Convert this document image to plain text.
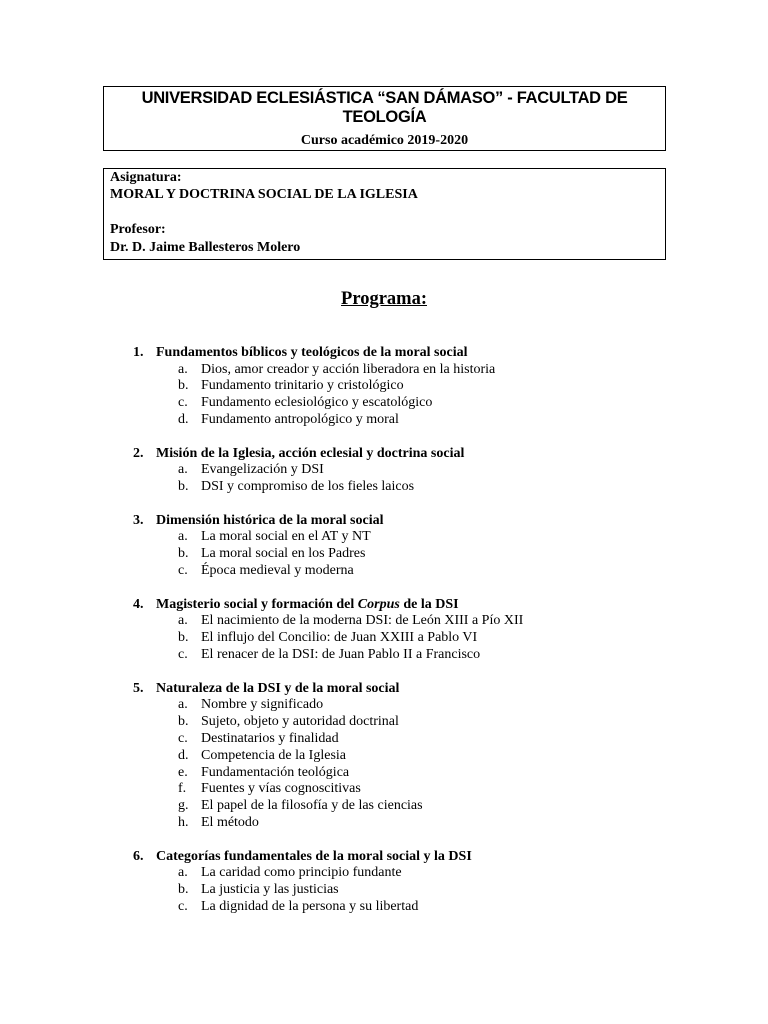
UNIVERSIDAD ECLESIÁSTICA “SAN DÁMASO” - FACULTAD DE TEOLOGÍA
Curso académico 2019-2020
Asignatura:
MORAL Y DOCTRINA SOCIAL DE LA IGLESIA
Profesor:
Dr. D. Jaime Ballesteros Molero
Programa:
1. Fundamentos bíblicos y teológicos de la moral social
a. Dios, amor creador y acción liberadora en la historia
b. Fundamento trinitario y cristológico
c. Fundamento eclesiológico y escatológico
d. Fundamento antropológico y moral
2. Misión de la Iglesia, acción eclesial y doctrina social
a. Evangelización y DSI
b. DSI y compromiso de los fieles laicos
3. Dimensión histórica de la moral social
a. La moral social en el AT y NT
b. La moral social en los Padres
c. Época medieval y moderna
4. Magisterio social y formación del Corpus de la DSI
a. El nacimiento de la moderna DSI: de León XIII a Pío XII
b. El influjo del Concilio: de Juan XXIII a Pablo VI
c. El renacer de la DSI: de Juan Pablo II a Francisco
5. Naturaleza de la DSI y de la moral social
a. Nombre y significado
b. Sujeto, objeto y autoridad doctrinal
c. Destinatarios y finalidad
d. Competencia de la Iglesia
e. Fundamentación teológica
f. Fuentes y vías cognoscitivas
g. El papel de la filosofía y de las ciencias
h. El método
6. Categorías fundamentales de la moral social y la DSI
a. La caridad como principio fundante
b. La justicia y las justicias
c. La dignidad de la persona y su libertad
